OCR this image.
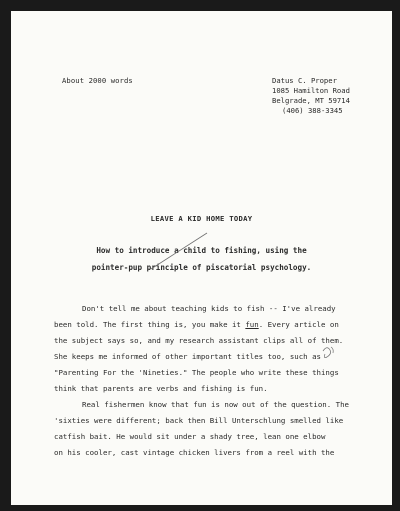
About 2000 words	Datus C. Proper
1085 Hamilton Road
Belgrade, MT 59714
(406) 388-3345
LEAVE A KID HOME TODAY
How to introduce a child to fishing, using the
pointer-pup principle of piscatorial psychology.
Don't tell me about teaching kids to fish -- I've already
been told. The first thing is, you make it fun. Every article on
the subject says so, and my research assistant clips all of them.
She keeps me informed of other important titles too, such as
"Parenting For the 'Nineties." The people who write these things
think that parents are verbs and fishing is fun.
Real fishermen know that fun is now out of the question. The
'sixties were different; back then Bill Unterschlung smelled like
catfish bait. He would sit under a shady tree, lean one elbow
on his cooler, cast vintage chicken livers from a reel with the
